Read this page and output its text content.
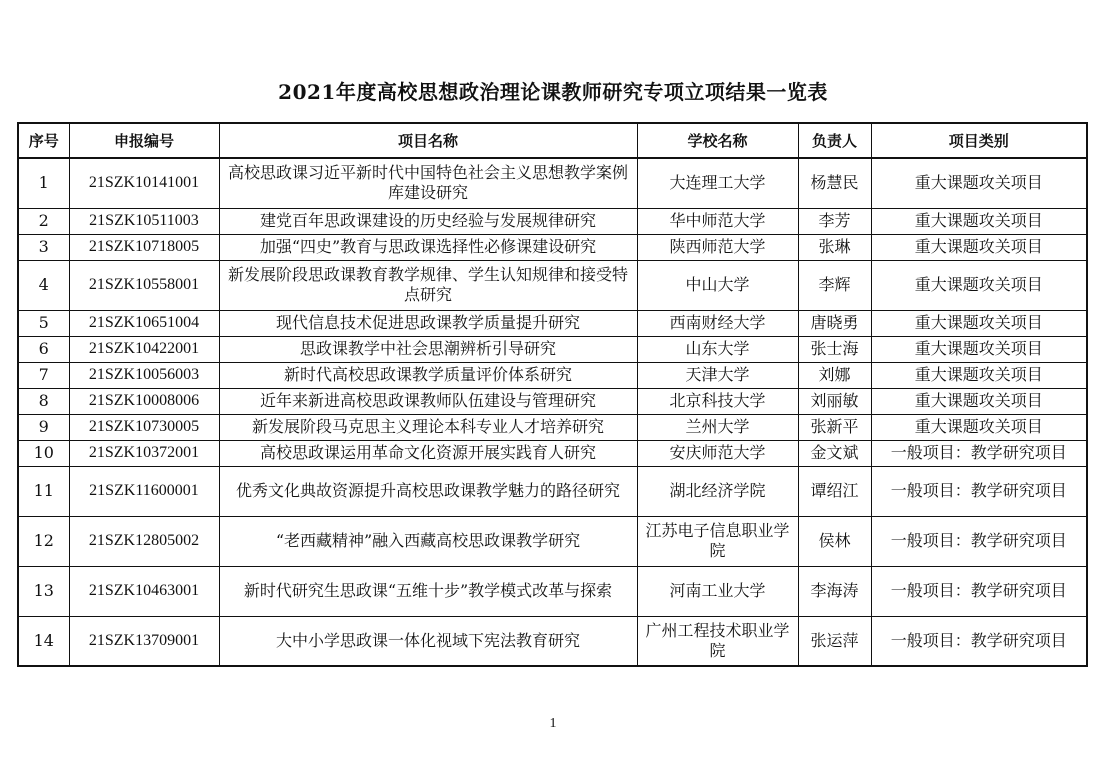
2021年度高校思想政治理论课教师研究专项立项结果一览表
序号	申报编号	项目名称	学校名称	负责人	项目类别
1	21SZK10141001	高校思政课习近平新时代中国特色社会主义思想教学案例库建设研究	大连理工大学	杨慧民	重大课题攻关项目
2	21SZK10511003	建党百年思政课建设的历史经验与发展规律研究	华中师范大学	李芳	重大课题攻关项目
3	21SZK10718005	加强“四史”教育与思政课选择性必修课建设研究	陕西师范大学	张琳	重大课题攻关项目
4	21SZK10558001	新发展阶段思政课教育教学规律、学生认知规律和接受特点研究	中山大学	李辉	重大课题攻关项目
5	21SZK10651004	现代信息技术促进思政课教学质量提升研究	西南财经大学	唐晓勇	重大课题攻关项目
6	21SZK10422001	思政课教学中社会思潮辨析引导研究	山东大学	张士海	重大课题攻关项目
7	21SZK10056003	新时代高校思政课教学质量评价体系研究	天津大学	刘娜	重大课题攻关项目
8	21SZK10008006	近年来新进高校思政课教师队伍建设与管理研究	北京科技大学	刘丽敏	重大课题攻关项目
9	21SZK10730005	新发展阶段马克思主义理论本科专业人才培养研究	兰州大学	张新平	重大课题攻关项目
10	21SZK10372001	高校思政课运用革命文化资源开展实践育人研究	安庆师范大学	金文斌	一般项目：教学研究项目
11	21SZK11600001	优秀文化典故资源提升高校思政课教学魅力的路径研究	湖北经济学院	谭绍江	一般项目：教学研究项目
12	21SZK12805002	“老西藏精神”融入西藏高校思政课教学研究	江苏电子信息职业学院	侯林	一般项目：教学研究项目
13	21SZK10463001	新时代研究生思政课“五维十步”教学模式改革与探索	河南工业大学	李海涛	一般项目：教学研究项目
14	21SZK13709001	大中小学思政课一体化视域下宪法教育研究	广州工程技术职业学院	张运萍	一般项目：教学研究项目
1
